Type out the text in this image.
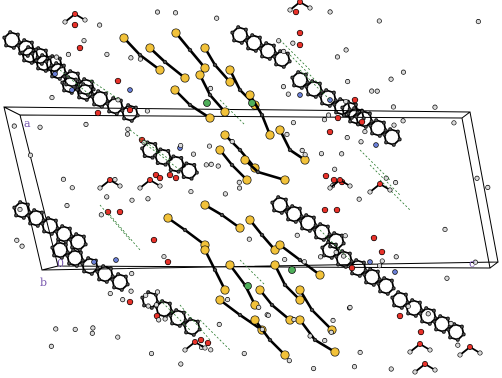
a
0
b
c
